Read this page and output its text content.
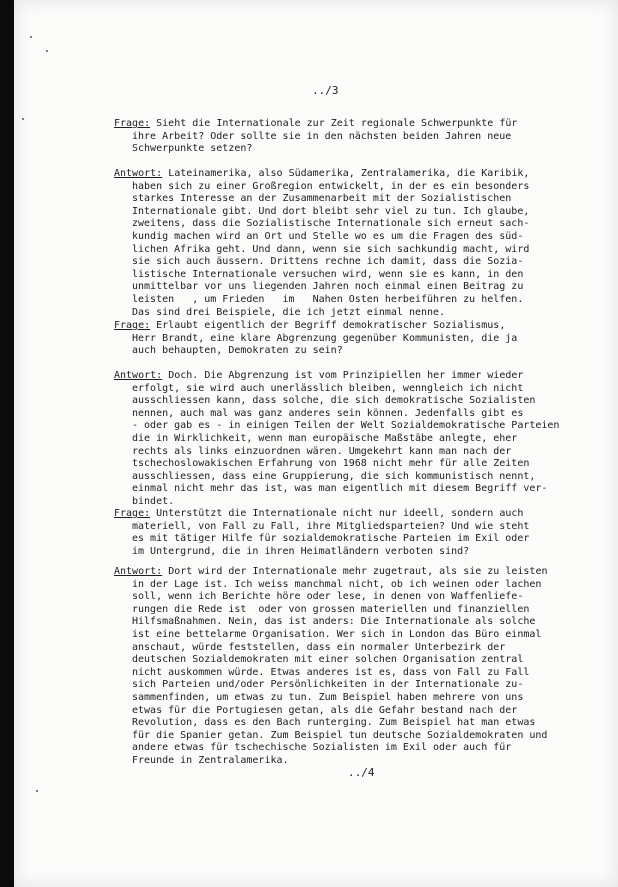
../3
Frage: Sieht die Internationale zur Zeit regionale Schwerpunkte für
ihre Arbeit? Oder sollte sie in den nächsten beiden Jahren neue
Schwerpunkte setzen?
Antwort: Lateinamerika, also Südamerika, Zentralamerika, die Karibik,
haben sich zu einer Großregion entwickelt, in der es ein besonders
starkes Interesse an der Zusammenarbeit mit der Sozialistischen
Internationale gibt. Und dort bleibt sehr viel zu tun. Ich glaube,
zweitens, dass die Sozialistische Internationale sich erneut sach-
kundig machen wird an Ort und Stelle wo es um die Fragen des süd-
lichen Afrika geht. Und dann, wenn sie sich sachkundig macht, wird
sie sich auch äussern. Drittens rechne ich damit, dass die Sozia-
listische Internationale versuchen wird, wenn sie es kann, in den
unmittelbar vor uns liegenden Jahren noch einmal einen Beitrag zu
leisten   , um Frieden   im   Nahen Osten herbeiführen zu helfen.
Das sind drei Beispiele, die ich jetzt einmal nenne.
Frage: Erlaubt eigentlich der Begriff demokratischer Sozialismus,
Herr Brandt, eine klare Abgrenzung gegenüber Kommunisten, die ja
auch behaupten, Demokraten zu sein?
Antwort: Doch. Die Abgrenzung ist vom Prinzipiellen her immer wieder
erfolgt, sie wird auch unerlässlich bleiben, wenngleich ich nicht
ausschliessen kann, dass solche, die sich demokratische Sozialisten
nennen, auch mal was ganz anderes sein können. Jedenfalls gibt es
- oder gab es - in einigen Teilen der Welt Sozialdemokratische Parteien
die in Wirklichkeit, wenn man europäische Maßstäbe anlegte, eher
rechts als links einzuordnen wären. Umgekehrt kann man nach der
tschechoslowakischen Erfahrung von 1968 nicht mehr für alle Zeiten
ausschliessen, dass eine Gruppierung, die sich kommunistisch nennt,
einmal nicht mehr das ist, was man eigentlich mit diesem Begriff ver-
bindet.
Frage: Unterstützt die Internationale nicht nur ideell, sondern auch
materiell, von Fall zu Fall, ihre Mitgliedsparteien? Und wie steht
es mit tätiger Hilfe für sozialdemokratische Parteien im Exil oder
im Untergrund, die in ihren Heimatländern verboten sind?
Antwort: Dort wird der Internationale mehr zugetraut, als sie zu leisten
in der Lage ist. Ich weiss manchmal nicht, ob ich weinen oder lachen
soll, wenn ich Berichte höre oder lese, in denen von Waffenliefe-
rungen die Rede ist  oder von grossen materiellen und finanziellen
Hilfsmaßnahmen. Nein, das ist anders: Die Internationale als solche
ist eine bettelarme Organisation. Wer sich in London das Büro einmal
anschaut, würde feststellen, dass ein normaler Unterbezirk der
deutschen Sozialdemokraten mit einer solchen Organisation zentral
nicht auskommen würde. Etwas anderes ist es, dass von Fall zu Fall
sich Parteien und/oder Persönlichkeiten in der Internationale zu-
sammenfinden, um etwas zu tun. Zum Beispiel haben mehrere von uns
etwas für die Portugiesen getan, als die Gefahr bestand nach der
Revolution, dass es den Bach runterging. Zum Beispiel hat man etwas
für die Spanier getan. Zum Beispiel tun deutsche Sozialdemokraten und
andere etwas für tschechische Sozialisten im Exil oder auch für
Freunde in Zentralamerika.
../4
